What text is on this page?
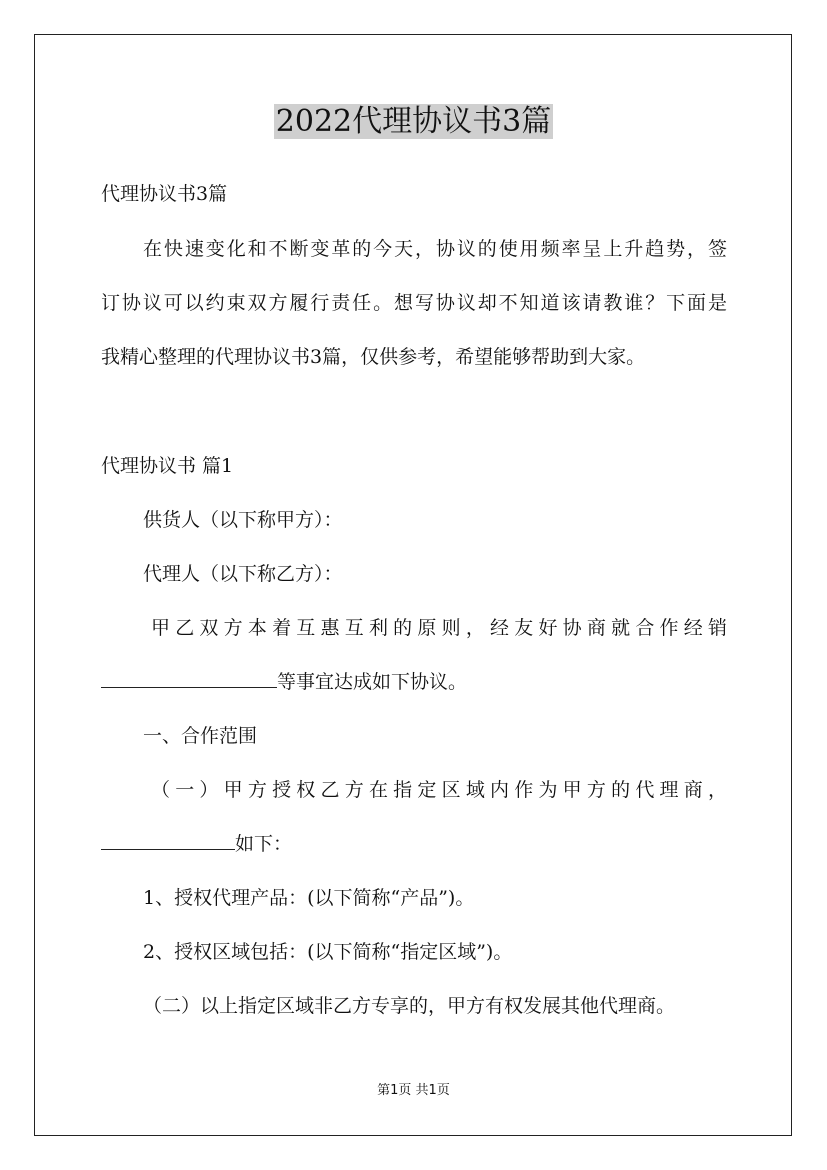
2022代理协议书3篇
代理协议书3篇
在快速变化和不断变革的今天，协议的使用频率呈上升趋势，签
订协议可以约束双方履行责任。想写协议却不知道该请教谁？下面是
我精心整理的代理协议书3篇，仅供参考，希望能够帮助到大家。
代理协议书 篇1
供货人（以下称甲方）：
代理人（以下称乙方）：
甲乙双方本着互惠互利的原则，经友好协商就合作经销
等事宜达成如下协议。
一、合作范围
（一）甲方授权乙方在指定区域内作为甲方的代理商，
如下：
1、授权代理产品：(以下简称“产品”)。
2、授权区域包括：(以下简称“指定区域”)。
（二）以上指定区域非乙方专享的，甲方有权发展其他代理商。
第1页 共1页
